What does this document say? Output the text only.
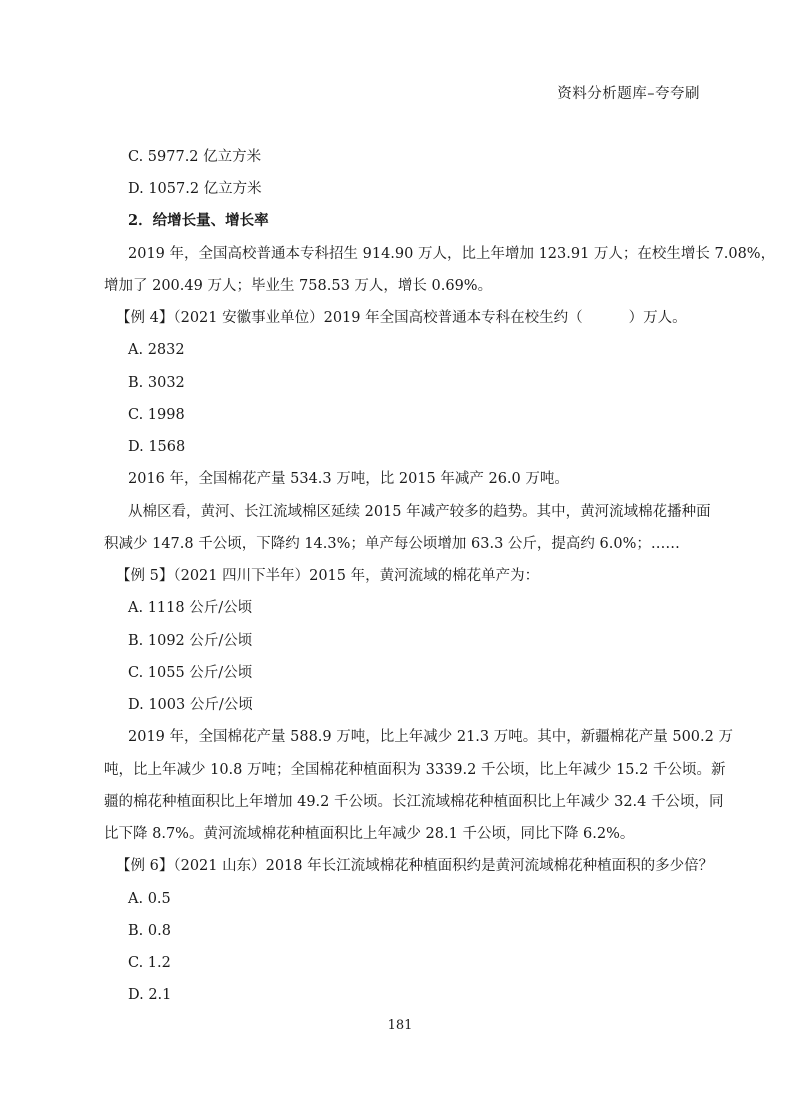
资料分析题库–夸夸刷
C. 5977.2 亿立方米
D. 1057.2 亿立方米
2．给增长量、增长率
2019 年，全国高校普通本专科招生 914.90 万人，比上年增加 123.91 万人；在校生增长 7.08%，
增加了 200.49 万人；毕业生 758.53 万人，增长 0.69%。
【例 4】（2021 安徽事业单位）2019 年全国高校普通本专科在校生约（	）万人。
A. 2832
B. 3032
C. 1998
D. 1568
2016 年，全国棉花产量 534.3 万吨，比 2015 年减产 26.0 万吨。
从棉区看，黄河、长江流域棉区延续 2015 年减产较多的趋势。其中，黄河流域棉花播种面
积减少 147.8 千公顷，下降约 14.3%；单产每公顷增加 63.3 公斤，提高约 6.0%；……
【例 5】（2021 四川下半年）2015 年，黄河流域的棉花单产为：
A. 1118 公斤/公顷
B. 1092 公斤/公顷
C. 1055 公斤/公顷
D. 1003 公斤/公顷
2019 年，全国棉花产量 588.9 万吨，比上年减少 21.3 万吨。其中，新疆棉花产量 500.2 万
吨，比上年减少 10.8 万吨；全国棉花种植面积为 3339.2 千公顷，比上年减少 15.2 千公顷。新
疆的棉花种植面积比上年增加 49.2 千公顷。长江流域棉花种植面积比上年减少 32.4 千公顷，同
比下降 8.7%。黄河流域棉花种植面积比上年减少 28.1 千公顷，同比下降 6.2%。
【例 6】（2021 山东）2018 年长江流域棉花种植面积约是黄河流域棉花种植面积的多少倍？
A. 0.5
B. 0.8
C. 1.2
D. 2.1
181
